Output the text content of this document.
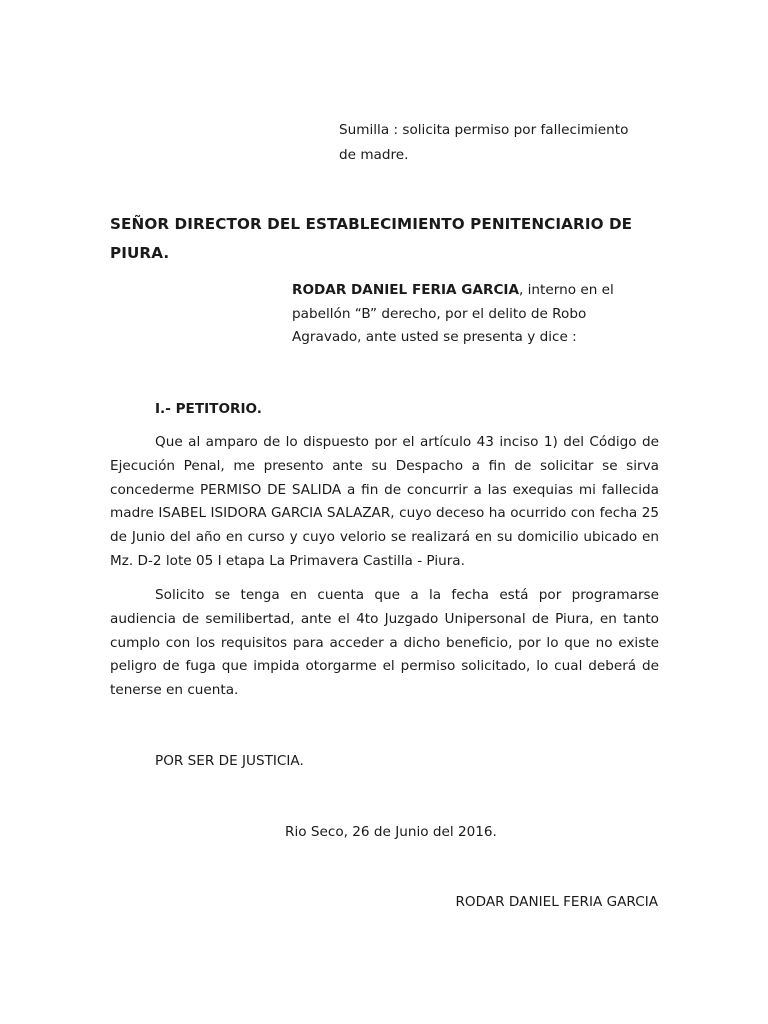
Sumilla : solicita permiso por fallecimiento
de madre.
SEÑOR DIRECTOR DEL ESTABLECIMIENTO PENITENCIARIO DE PIURA.
RODAR DANIEL FERIA GARCIA, interno en el pabellón “B” derecho, por el delito de Robo Agravado, ante usted se presenta y dice :
I.- PETITORIO.
Que al amparo de lo dispuesto por el artículo 43 inciso 1) del Código de Ejecución Penal, me presento ante su Despacho a fin de solicitar se sirva concederme PERMISO DE SALIDA a fin de concurrir a las exequias mi fallecida madre ISABEL ISIDORA GARCIA SALAZAR, cuyo deceso ha ocurrido con fecha 25 de Junio del año en curso y cuyo velorio se realizará en su domicilio ubicado en Mz. D-2 lote 05 I etapa La Primavera Castilla - Piura.
Solicito se tenga en cuenta que a la fecha está por programarse audiencia de semilibertad, ante el 4to Juzgado Unipersonal de Piura, en tanto cumplo con los requisitos para acceder a dicho beneficio, por lo que no existe peligro de fuga que impida otorgarme el permiso solicitado, lo cual deberá de tenerse en cuenta.
POR SER DE JUSTICIA.
Rio Seco, 26 de Junio del 2016.
RODAR DANIEL FERIA GARCIA
